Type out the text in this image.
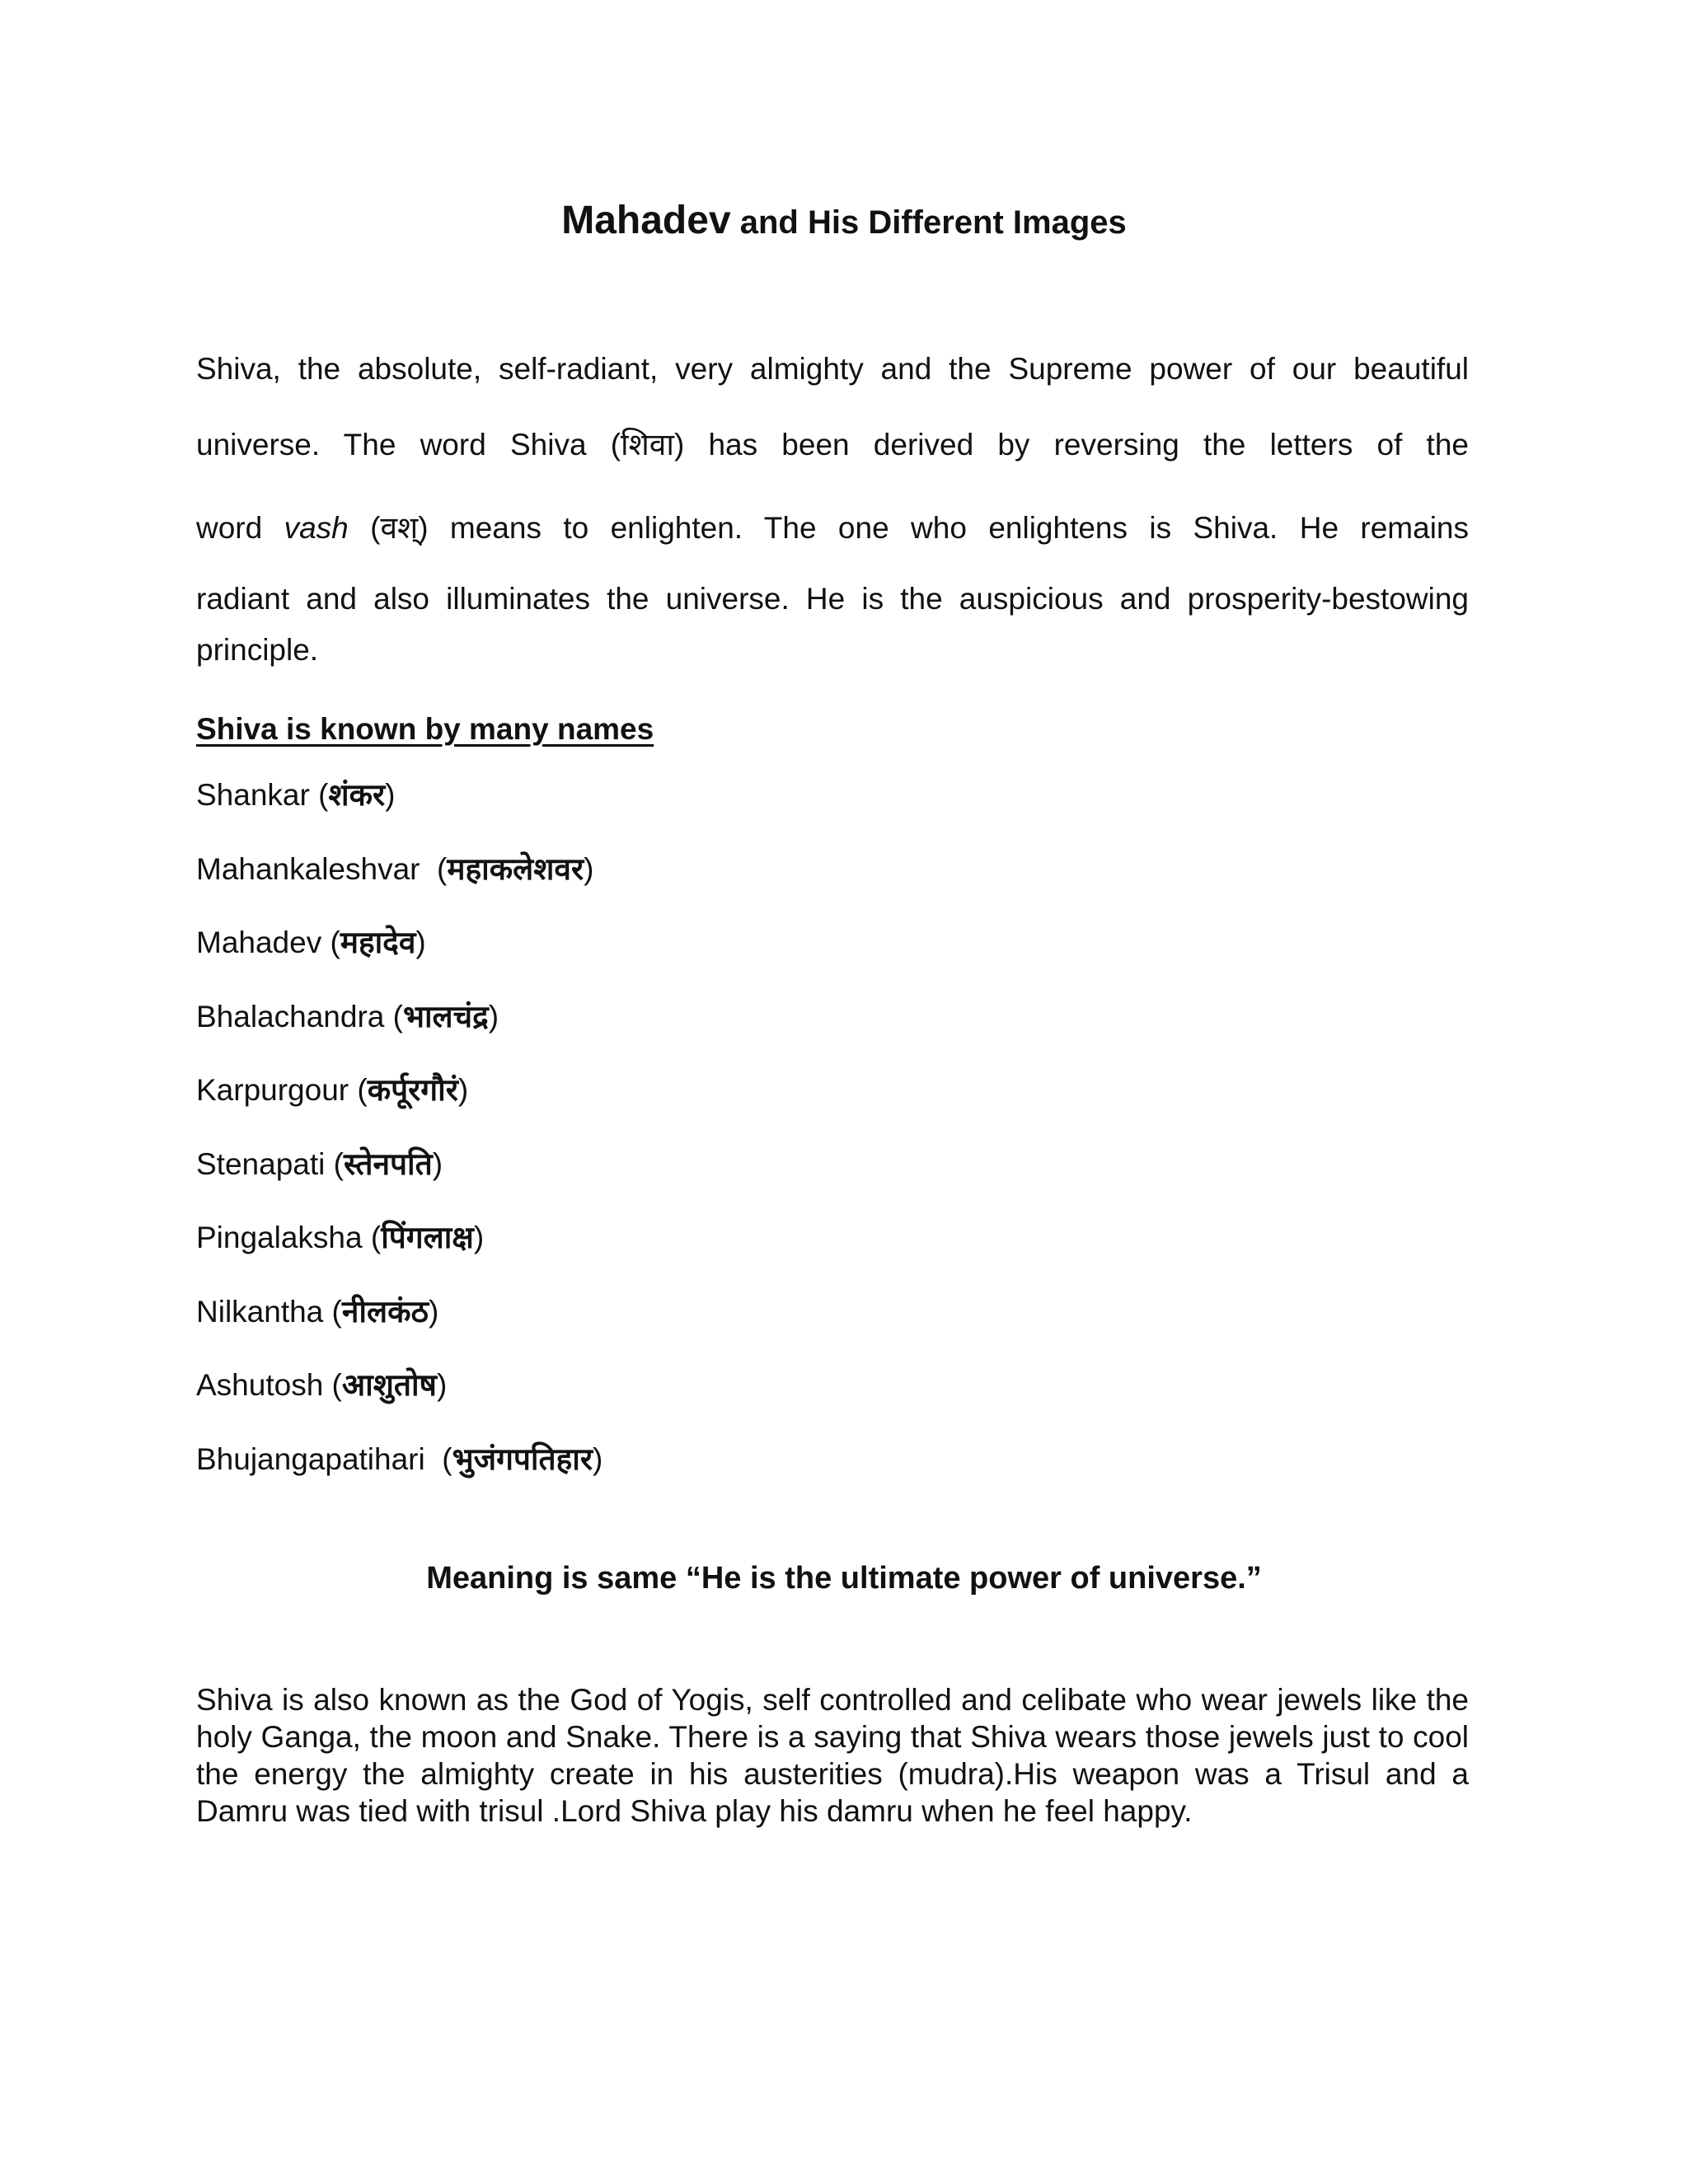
Mahadev and His Different Images

Shiva, the absolute, self-radiant, very almighty and the Supreme power of our beautiful
universe. The word Shiva (शिवा) has been derived by reversing the letters of the
word vash (वश्) means to enlighten. The one who enlightens is Shiva. He remains
radiant and also illuminates the universe. He is the auspicious and prosperity-bestowing
principle.

Shiva is known by many names
Shankar (शंकर)
Mahankaleshvar  (महाकलेशवर)
Mahadev (महादेव)
Bhalachandra (भालचंद्र)
Karpurgour (कर्पूरगौरं)
Stenapati (स्तेनपति)
Pingalaksha (पिंगलाक्ष)
Nilkantha (नीलकंठ)
Ashutosh (आशुतोष)
Bhujangapatihari  (भुजंगपतिहार)

Meaning is same “He is the ultimate power of universe.”

Shiva is also known as the God of Yogis, self controlled and celibate who wear jewels like the holy Ganga, the moon and Snake. There is a saying that Shiva wears those jewels just to cool the energy the almighty create in his austerities (mudra).His weapon was a Trisul and a Damru was tied with trisul .Lord Shiva play his damru when he feel happy.
